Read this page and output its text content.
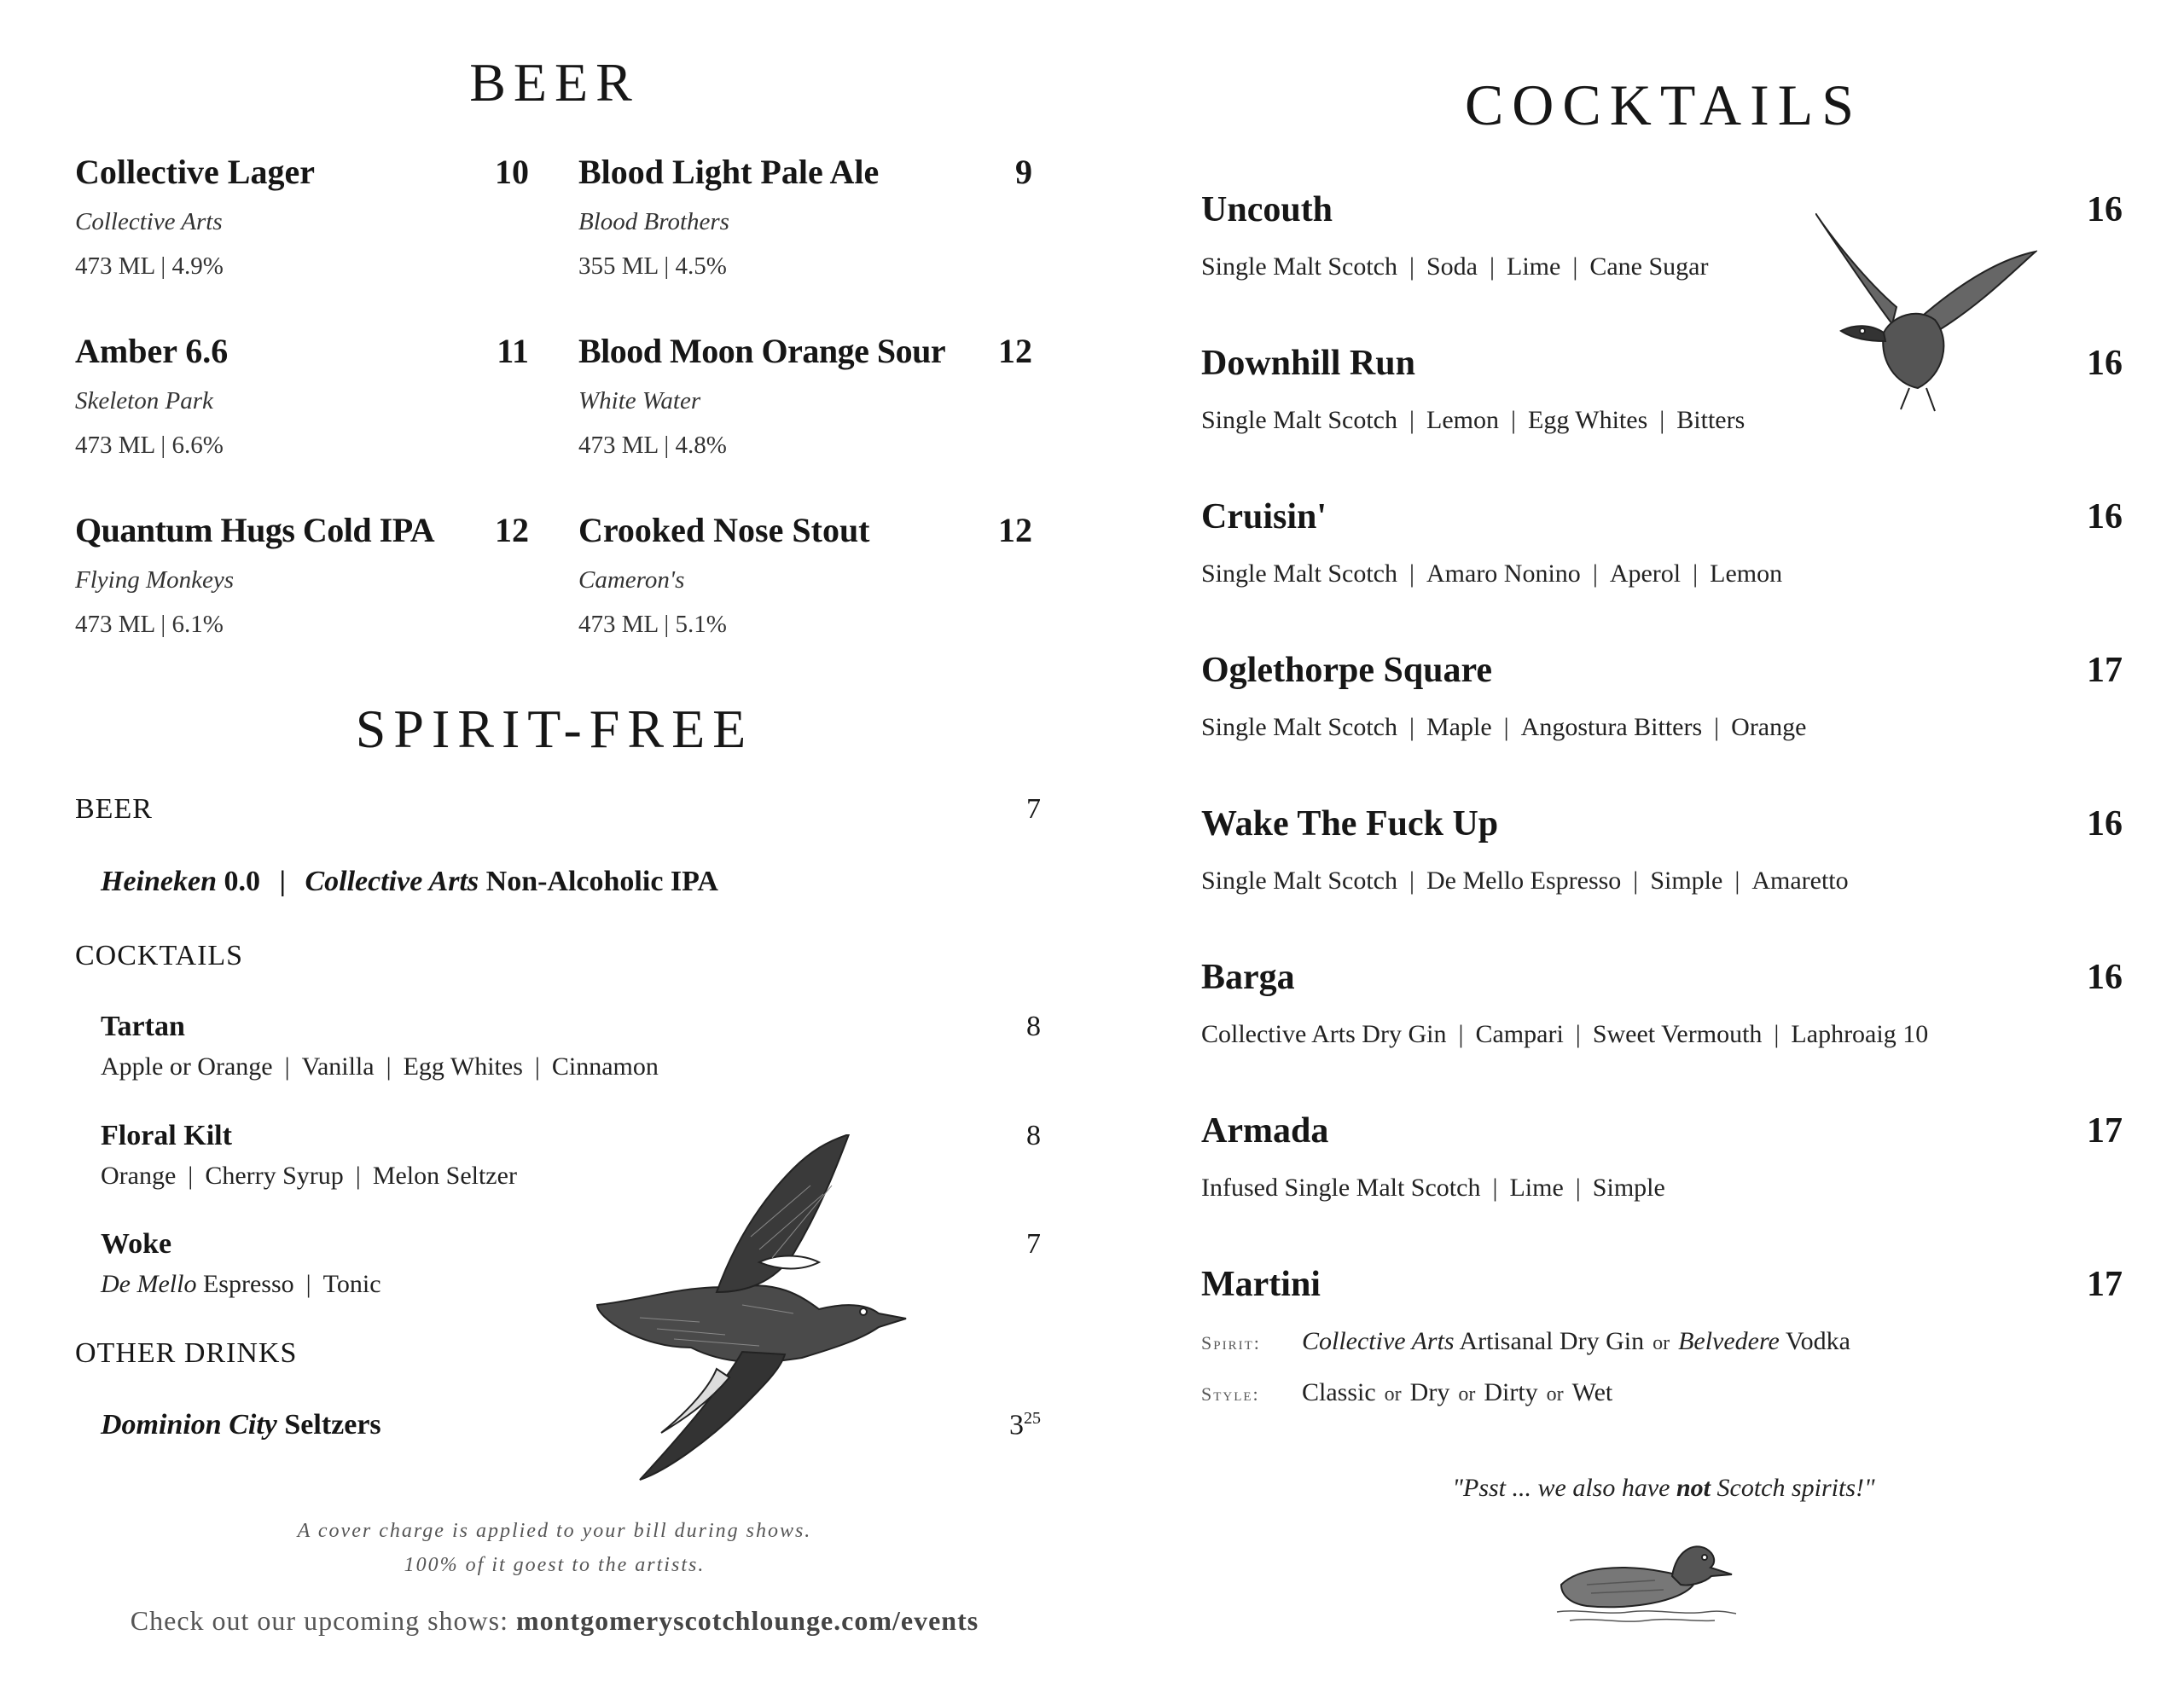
BEER
Collective Lager	10
Collective Arts
473 ML | 4.9%
Blood Light Pale Ale	9
Blood Brothers
355 ML | 4.5%
Amber 6.6	11
Skeleton Park
473 ML | 6.6%
Blood Moon Orange Sour	12
White Water
473 ML | 4.8%
Quantum Hugs Cold IPA	12
Flying Monkeys
473 ML | 6.1%
Crooked Nose Stout	12
Cameron's
473 ML | 5.1%
SPIRIT-FREE
BEER	7
Heineken 0.0 | Collective Arts Non-Alcoholic IPA
COCKTAILS
Tartan	8
Apple or Orange | Vanilla | Egg Whites | Cinnamon
Floral Kilt	8
Orange | Cherry Syrup | Melon Seltzer
Woke	7
De Mello Espresso | Tonic
OTHER DRINKS
Dominion City Seltzers	$3^{25}$
A cover charge is applied to your bill during shows.
100% of it goest to the artists.
Check out our upcoming shows: montgomeryscotchlounge.com/events
COCKTAILS
Uncouth	16
Single Malt Scotch | Soda | Lime | Cane Sugar
Downhill Run	16
Single Malt Scotch | Lemon | Egg Whites | Bitters
Cruisin'	16
Single Malt Scotch | Amaro Nonino | Aperol | Lemon
Oglethorpe Square	17
Single Malt Scotch | Maple | Angostura Bitters | Orange
Wake The Fuck Up	16
Single Malt Scotch | De Mello Espresso | Simple | Amaretto
Barga	16
Collective Arts Dry Gin | Campari | Sweet Vermouth | Laphroaig 10
Armada	17
Infused Single Malt Scotch | Lime | Simple
Martini	17
Spirit: Collective Arts Artisanal Dry Gin or Belvedere Vodka
Style: Classic or Dry or Dirty or Wet
"Psst ... we also have not Scotch spirits!"
